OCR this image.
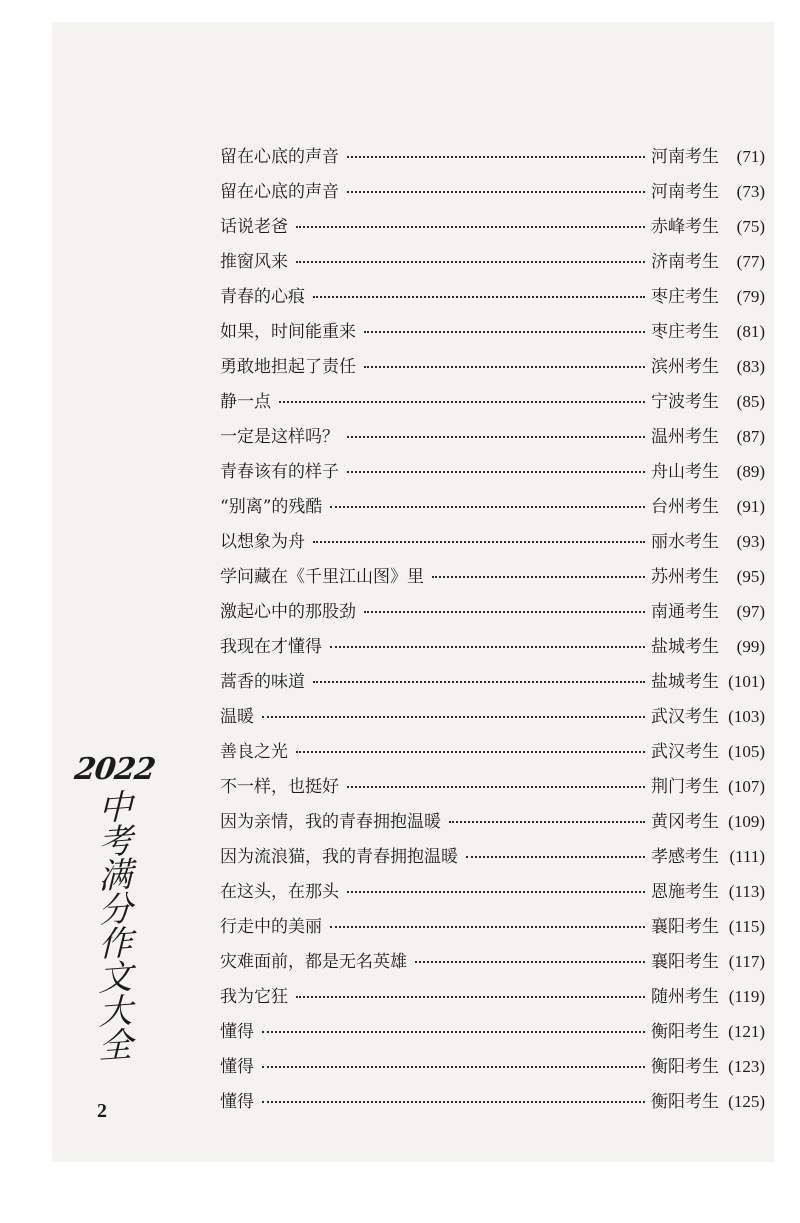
2022
中考满分作文大全
2
留在心底的声音	河南考生	(71)
留在心底的声音	河南考生	(73)
话说老爸	赤峰考生	(75)
推窗风来	济南考生	(77)
青春的心痕	枣庄考生	(79)
如果，时间能重来	枣庄考生	(81)
勇敢地担起了责任	滨州考生	(83)
静一点	宁波考生	(85)
一定是这样吗？	温州考生	(87)
青春该有的样子	舟山考生	(89)
“别离”的残酷	台州考生	(91)
以想象为舟	丽水考生	(93)
学问藏在《千里江山图》里	苏州考生	(95)
激起心中的那股劲	南通考生	(97)
我现在才懂得	盐城考生	(99)
蒿香的味道	盐城考生 (101)
温暖	武汉考生 (103)
善良之光	武汉考生 (105)
不一样，也挺好	荆门考生 (107)
因为亲情，我的青春拥抱温暖	黄冈考生 (109)
因为流浪猫，我的青春拥抱温暖	孝感考生 (111)
在这头，在那头	恩施考生 (113)
行走中的美丽	襄阳考生 (115)
灾难面前，都是无名英雄	襄阳考生 (117)
我为它狂	随州考生 (119)
懂得	衡阳考生 (121)
懂得	衡阳考生 (123)
懂得	衡阳考生 (125)
